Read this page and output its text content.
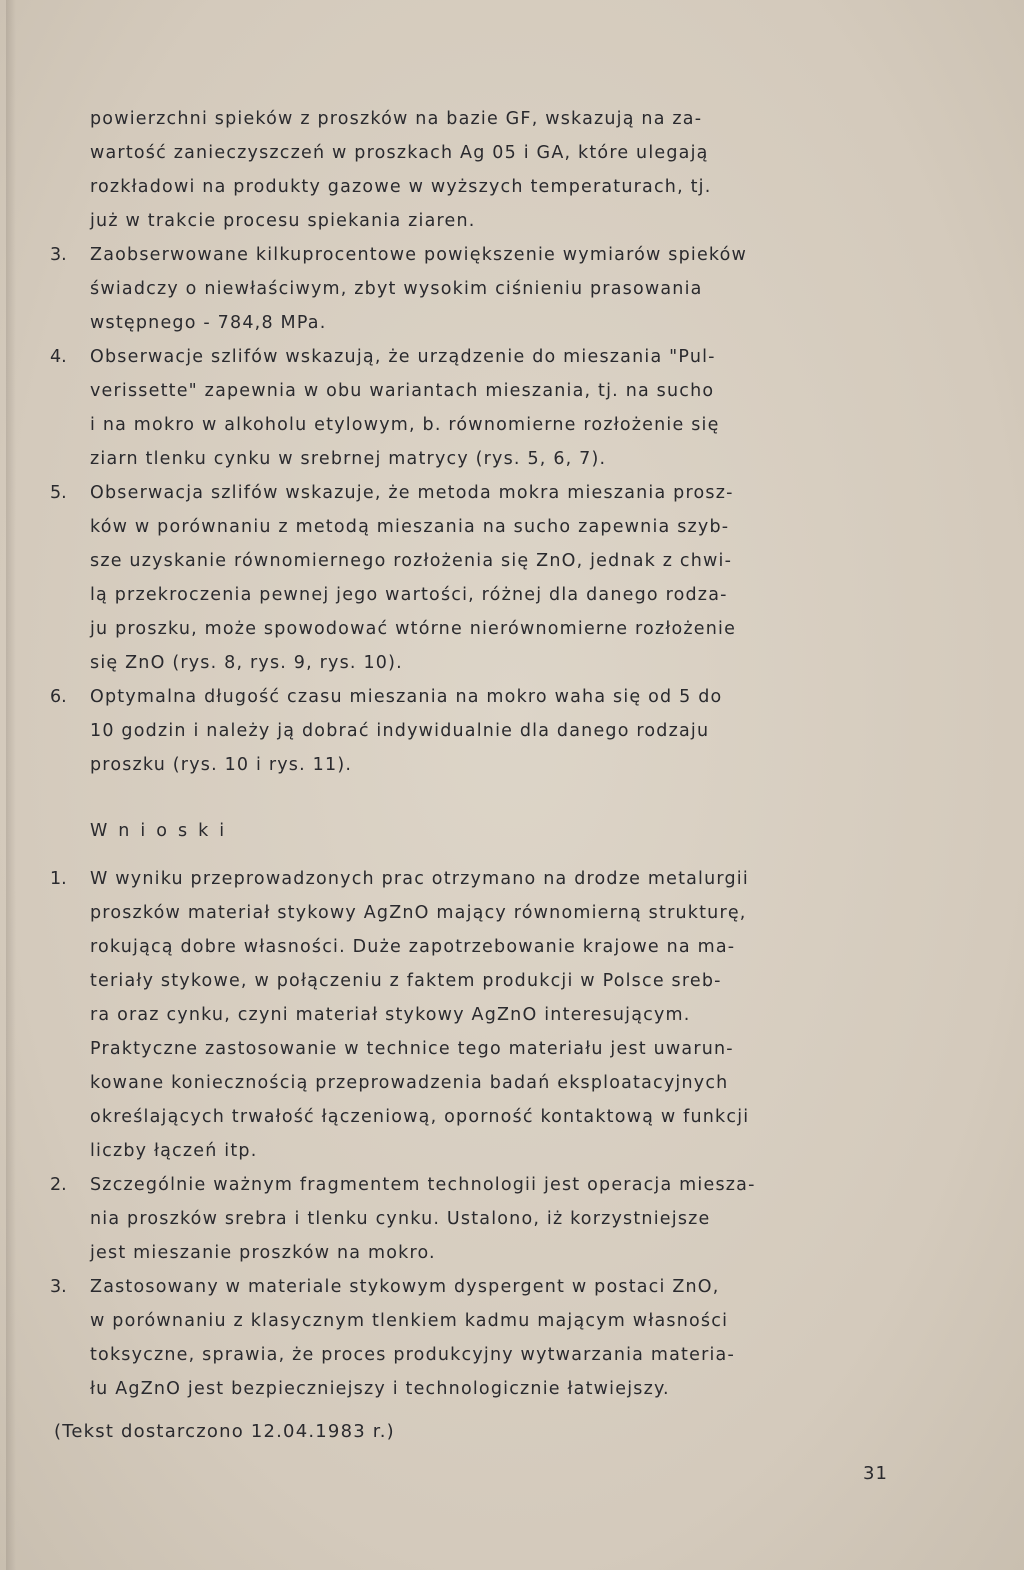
powierzchni spieków z proszków na bazie GF, wskazują na za-
wartość zanieczyszczeń w proszkach Ag 05 i GA, które ulegają
rozkładowi na produkty gazowe w wyższych temperaturach, tj.
już w trakcie procesu spiekania ziaren.
3. Zaobserwowane kilkuprocentowe powiększenie wymiarów spieków
świadczy o niewłaściwym, zbyt wysokim ciśnieniu prasowania
wstępnego - 784,8 MPa.
4. Obserwacje szlifów wskazują, że urządzenie do mieszania "Pul-
verissette" zapewnia w obu wariantach mieszania, tj. na sucho
i na mokro w alkoholu etylowym, b. równomierne rozłożenie się
ziarn tlenku cynku w srebrnej matrycy (rys. 5, 6, 7).
5. Obserwacja szlifów wskazuje, że metoda mokra mieszania prosz-
ków w porównaniu z metodą mieszania na sucho zapewnia szyb-
sze uzyskanie równomiernego rozłożenia się ZnO, jednak z chwi-
lą przekroczenia pewnej jego wartości, różnej dla danego rodza-
ju proszku, może spowodować wtórne nierównomierne rozłożenie
się ZnO (rys. 8, rys. 9, rys. 10).
6. Optymalna długość czasu mieszania na mokro waha się od 5 do
10 godzin i należy ją dobrać indywidualnie dla danego rodzaju
proszku (rys. 10 i rys. 11).
Wnioski
1. W wyniku przeprowadzonych prac otrzymano na drodze metalurgii
proszków materiał stykowy AgZnO mający równomierną strukturę,
rokującą dobre własności. Duże zapotrzebowanie krajowe na ma-
teriały stykowe, w połączeniu z faktem produkcji w Polsce sreb-
ra oraz cynku, czyni materiał stykowy AgZnO interesującym.
Praktyczne zastosowanie w technice tego materiału jest uwarun-
kowane koniecznością przeprowadzenia badań eksploatacyjnych
określających trwałość łączeniową, oporność kontaktową w funkcji
liczby łączeń itp.
2. Szczególnie ważnym fragmentem technologii jest operacja miesza-
nia proszków srebra i tlenku cynku. Ustalono, iż korzystniejsze
jest mieszanie proszków na mokro.
3. Zastosowany w materiale stykowym dyspergent w postaci ZnO,
w porównaniu z klasycznym tlenkiem kadmu mającym własności
toksyczne, sprawia, że proces produkcyjny wytwarzania materia-
łu AgZnO jest bezpieczniejszy i technologicznie łatwiejszy.
(Tekst dostarczono 12.04.1983 r.)
31
